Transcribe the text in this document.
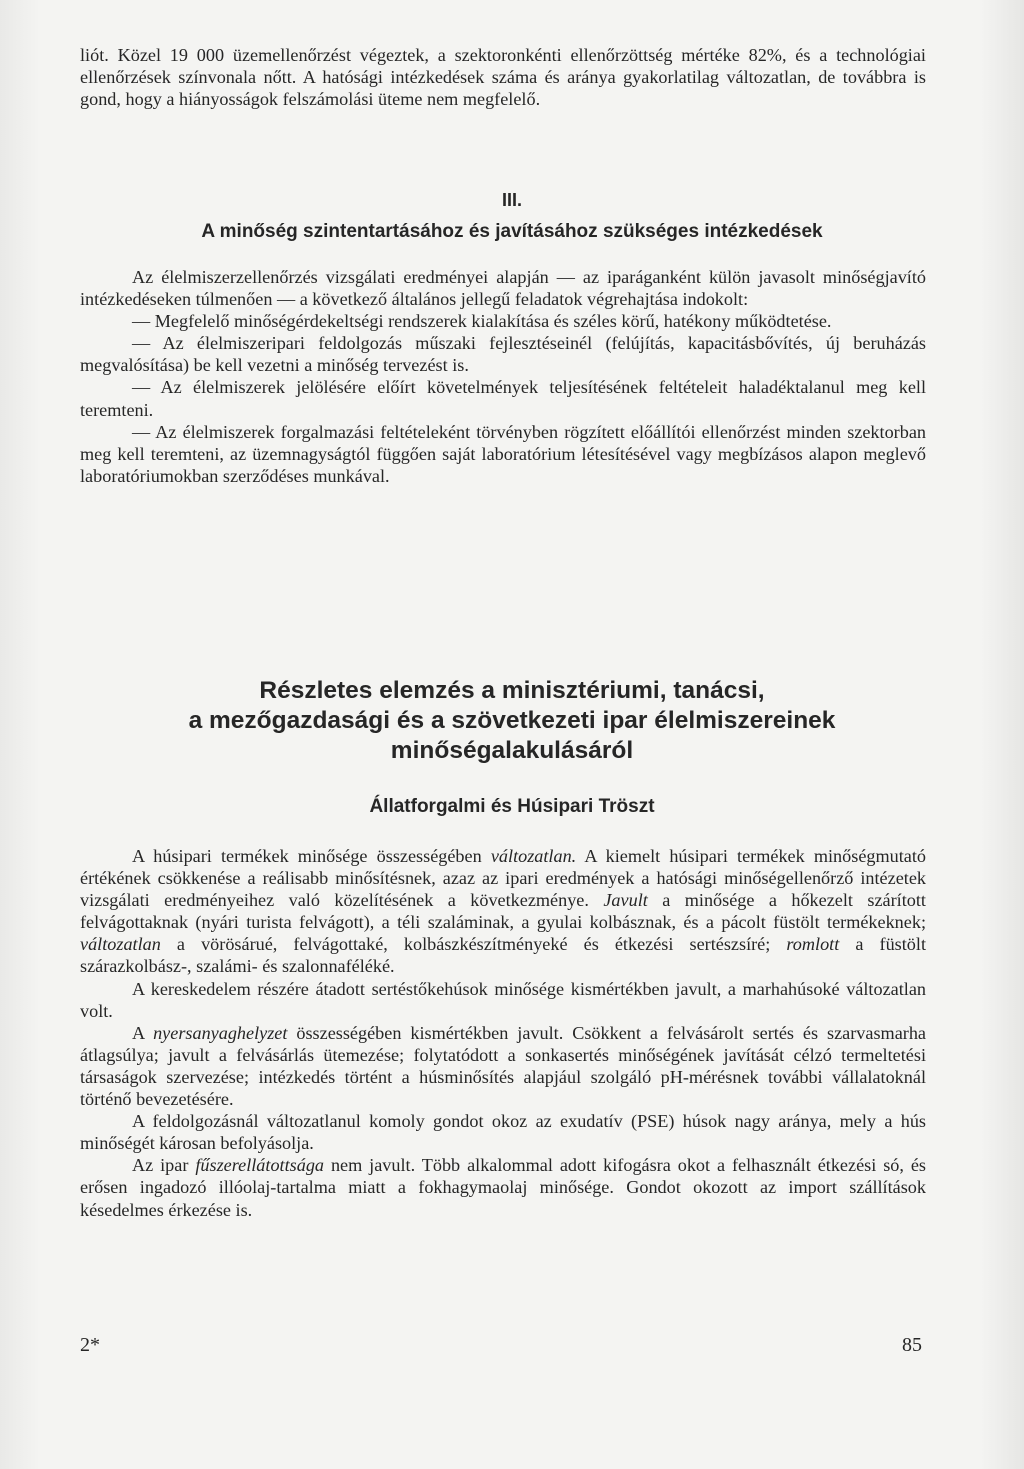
liót. Közel 19 000 üzemellenőrzést végeztek, a szektoronkénti ellenőrzöttség mértéke 82%, és a technológiai ellenőrzések színvonala nőtt. A hatósági intézkedések száma és aránya gyakorlatilag változatlan, de továbbra is gond, hogy a hiányosságok felszámolási üteme nem megfelelő.

III.
A minőség szintentartásához és javításához szükséges intézkedések

Az élelmiszerzellenőrzés vizsgálati eredményei alapján — az iparáganként külön javasolt minőségjavító intézkedéseken túlmenően — a következő általános jellegű feladatok végrehajtása indokolt:

— Megfelelő minőségérdekeltségi rendszerek kialakítása és széles körű, hatékony működtetése.

— Az élelmiszeripari feldolgozás műszaki fejlesztéseinél (felújítás, kapacitásbővítés, új beruházás megvalósítása) be kell vezetni a minőség tervezést is.

— Az élelmiszerek jelölésére előírt követelmények teljesítésének feltételeit haladéktalanul meg kell teremteni.

— Az élelmiszerek forgalmazási feltételeként törvényben rögzített előállítói ellenőrzést minden szektorban meg kell teremteni, az üzemnagyságtól függően saját laboratórium létesítésével vagy megbízásos alapon meglevő laboratóriumokban szerződéses munkával.

Részletes elemzés a minisztériumi, tanácsi,
a mezőgazdasági és a szövetkezeti ipar élelmiszereinek
minőségalakulásáról
Állatforgalmi és Húsipari Tröszt

A húsipari termékek minősége összességében változatlan. A kiemelt húsipari termékek minőségmutató értékének csökkenése a reálisabb minősítésnek, azaz az ipari eredmények a hatósági minőségellenőrző intézetek vizsgálati eredményeihez való közelítésének a következménye. Javult a minősége a hőkezelt szárított felvágottaknak (nyári turista felvágott), a téli szaláminak, a gyulai kolbásznak, és a pácolt füstölt termékeknek; változatlan a vörösárué, felvágottaké, kolbászkészítményeké és étkezési sertészsíré; romlott a füstölt szárazkolbász-, szalámi- és szalonnaféléké.

A kereskedelem részére átadott sertéstőkehúsok minősége kismértékben javult, a marhahúsoké változatlan volt.

A nyersanyaghelyzet összességében kismértékben javult. Csökkent a felvásárolt sertés és szarvasmarha átlagsúlya; javult a felvásárlás ütemezése; folytatódott a sonkasertés minőségének javítását célzó termeltetési társaságok szervezése; intézkedés történt a húsminősítés alapjául szolgáló pH-mérésnek további vállalatoknál történő bevezetésére.

A feldolgozásnál változatlanul komoly gondot okoz az exudatív (PSE) húsok nagy aránya, mely a hús minőségét károsan befolyásolja.

Az ipar fűszerellátottsága nem javult. Több alkalommal adott kifogásra okot a felhasznált étkezési só, és erősen ingadozó illóolaj-tartalma miatt a fokhagymaolaj minősége. Gondot okozott az import szállítások késedelmes érkezése is.

2*	85
